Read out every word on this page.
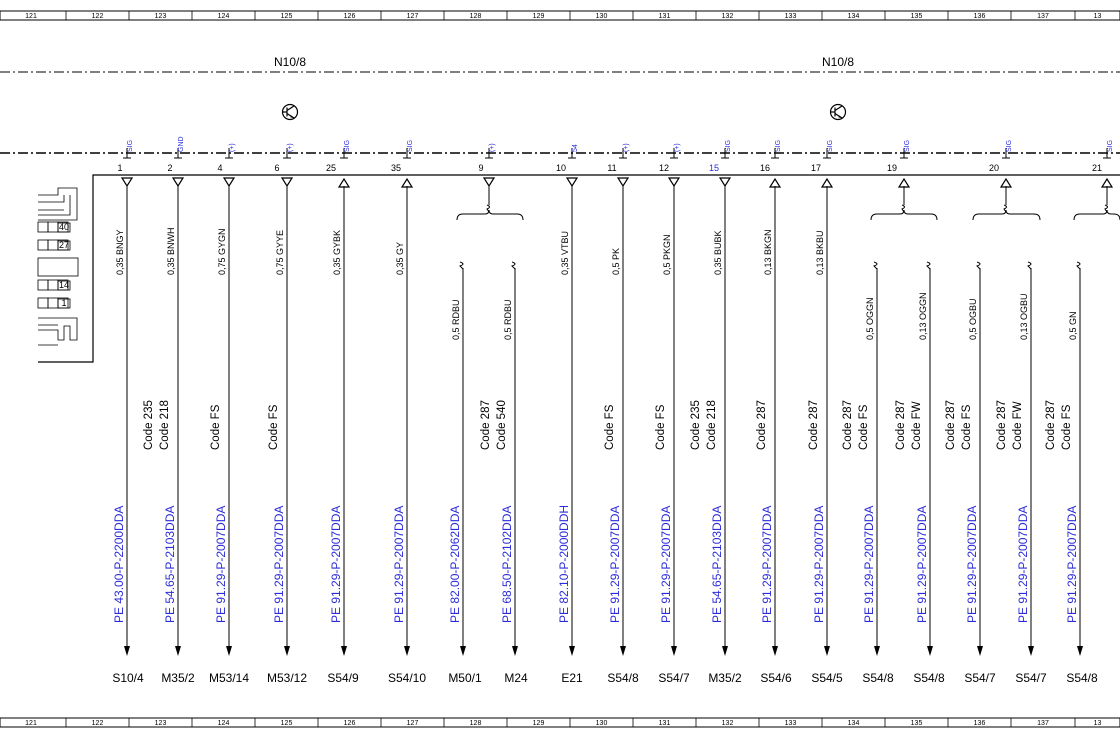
121	122	123	124	125	126	127	128	129	130	131	132	133	134	135	136	137	13
121	122	123	124	125	126	127	128	129	130	131	132	133	134	135	136	137	13
N10/8	N10/8
40
27
14
1
1	2	4	6	25	35	9	10	11	12	15	16	17	19	20	21
SIG	GND	(+)	(+)	SIG	SIG	54	(+)	(+)	SIG	SIG	SIG
(+)	SIG	SIG	SIG
0,35 BNGY
PE 43.00-P-2200DDA
S10/4
0,35 BNWH
Code 235 Code 218
PE 54.65-P-2103DDA
M35/2
0,75 GYGN
Code FS
PE 91.29-P-2007DDA
M53/14
0,75 GYYE
Code FS
PE 91.29-P-2007DDA
M53/12
0,35 GYBK
PE 91.29-P-2007DDA
S54/9
0,35 GY
PE 91.29-P-2007DDA
S54/10
0,5 RDBU
PE 82.00-P-2062DDA
M50/1
0,5 RDBU
Code 287 Code 540
PE 68.50-P-2102DDA
M24
0,35 VTBU
PE 82.10-P-2000DDH
E21
0,5 PK
Code FS
PE 91.29-P-2007DDA
S54/8
0,5 PKGN
Code FS
PE 91.29-P-2007DDA
S54/7
0,35 BUBK
Code 235 Code 218
PE 54.65-P-2103DDA
M35/2
0,13 BKGN
Code 287
PE 91.29-P-2007DDA
S54/6
0,13 BKBU
Code 287
PE 91.29-P-2007DDA
S54/5
0,5 OGGN
Code 287 Code FS
PE 91.29-P-2007DDA
S54/8
0,13 OGGN
Code 287 Code FW
PE 91.29-P-2007DDA
S54/8
0,5 OGBU
Code 287 Code FS
PE 91.29-P-2007DDA
S54/7
0,13 OGBU
Code 287 Code FW
PE 91.29-P-2007DDA
S54/7
0,5 GN
Code 287 Code FS
PE 91.29-P-2007DDA
S54/8
